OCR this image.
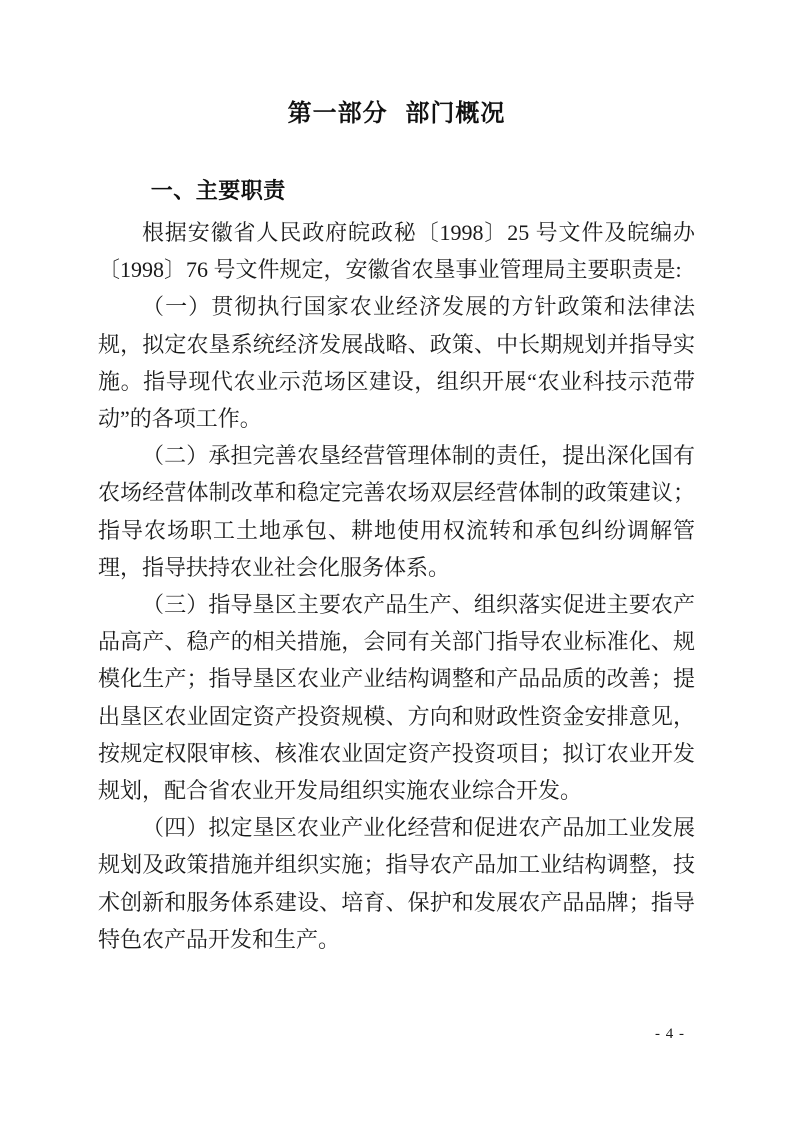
第一部分 部门概况
一、主要职责

根据安徽省人民政府皖政秘〔1998〕25 号文件及皖编办〔1998〕76 号文件规定，安徽省农垦事业管理局主要职责是:

（一）贯彻执行国家农业经济发展的方针政策和法律法规，拟定农垦系统经济发展战略、政策、中长期规划并指导实施。指导现代农业示范场区建设，组织开展“农业科技示范带动”的各项工作。

（二）承担完善农垦经营管理体制的责任，提出深化国有农场经营体制改革和稳定完善农场双层经营体制的政策建议；指导农场职工土地承包、耕地使用权流转和承包纠纷调解管理，指导扶持农业社会化服务体系。

（三）指导垦区主要农产品生产、组织落实促进主要农产品高产、稳产的相关措施，会同有关部门指导农业标准化、规模化生产；指导垦区农业产业结构调整和产品品质的改善；提出垦区农业固定资产投资规模、方向和财政性资金安排意见，按规定权限审核、核准农业固定资产投资项目；拟订农业开发规划，配合省农业开发局组织实施农业综合开发。

（四）拟定垦区农业产业化经营和促进农产品加工业发展规划及政策措施并组织实施；指导农产品加工业结构调整，技术创新和服务体系建设、培育、保护和发展农产品品牌；指导特色农产品开发和生产。

- 4 -
